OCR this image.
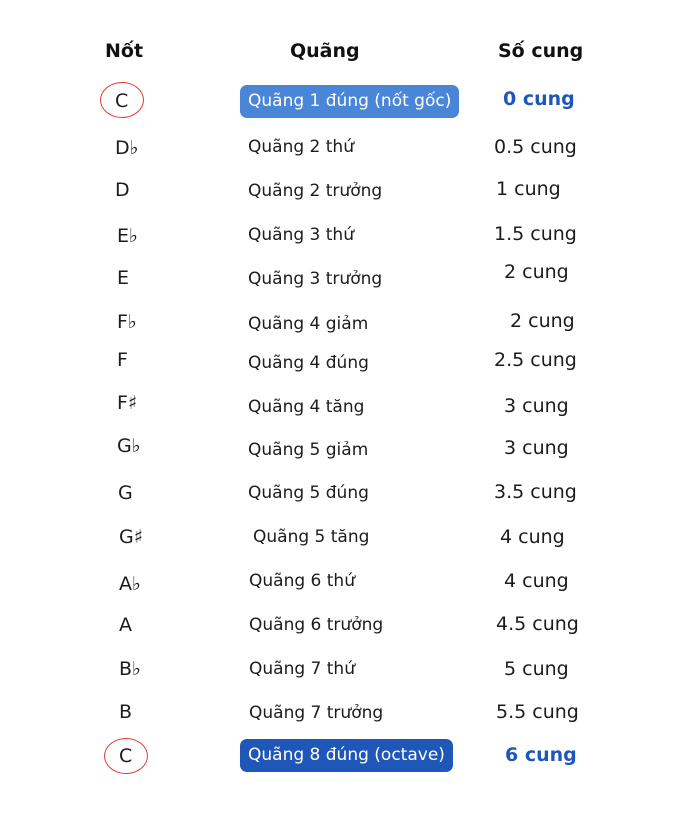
Nốt	Quãng	Số cung
C	Quãng 1 đúng (nốt gốc)	0 cung
D♭	Quãng 2 thứ	0.5 cung
D	Quãng 2 trưởng	1 cung
E♭	Quãng 3 thứ	1.5 cung
E	Quãng 3 trưởng	2 cung
F♭	Quãng 4 giảm	2 cung
F	Quãng 4 đúng	2.5 cung
F♯	Quãng 4 tăng	3 cung
G♭	Quãng 5 giảm	3 cung
G	Quãng 5 đúng	3.5 cung
G♯	Quãng 5 tăng	4 cung
A♭	Quãng 6 thứ	4 cung
A	Quãng 6 trưởng	4.5 cung
B♭	Quãng 7 thứ	5 cung
B	Quãng 7 trưởng	5.5 cung
C	Quãng 8 đúng (octave)	6 cung
